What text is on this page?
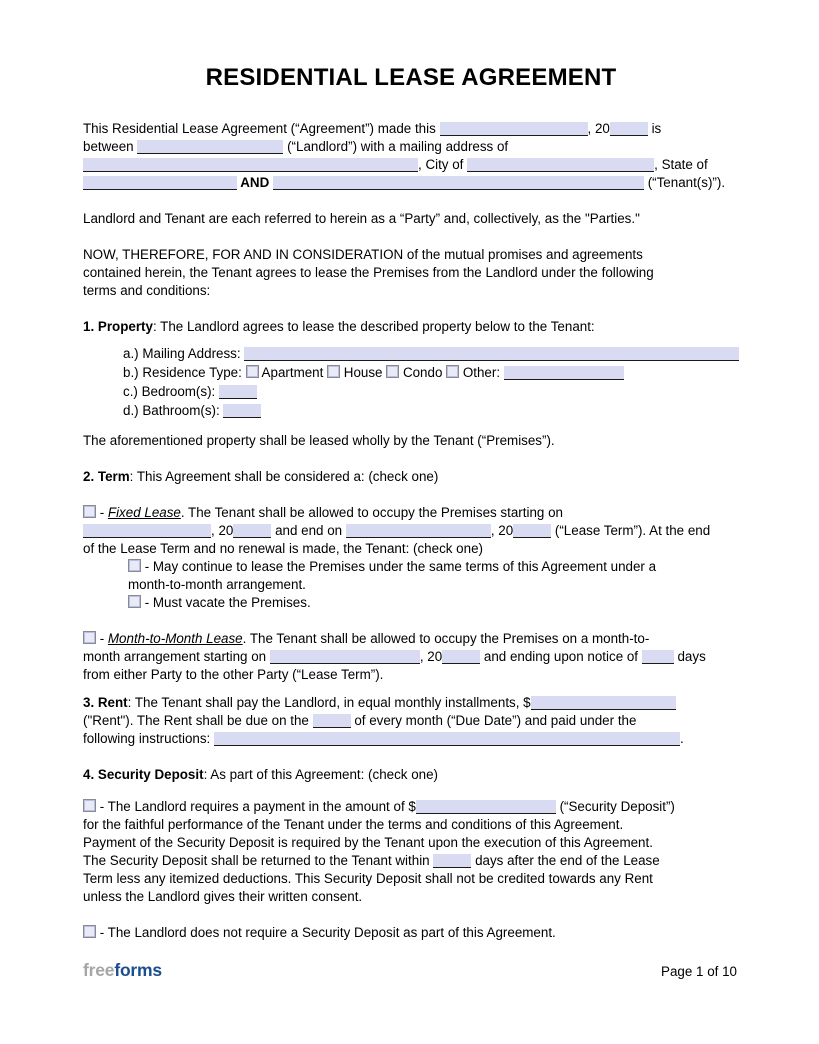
RESIDENTIAL LEASE AGREEMENT
This Residential Lease Agreement (“Agreement”) made this	, 20	is
between	(“Landlord”) with a mailing address of
, City of	, State of
AND	(“Tenant(s)”).
Landlord and Tenant are each referred to herein as a “Party” and, collectively, as the "Parties."
NOW, THEREFORE, FOR AND IN CONSIDERATION of the mutual promises and agreements
contained herein, the Tenant agrees to lease the Premises from the Landlord under the following
terms and conditions:
1. Property: The Landlord agrees to lease the described property below to the Tenant:
a.) Mailing Address:
b.) Residence Type:  Apartment  House  Condo  Other:
c.) Bedroom(s):
d.) Bathroom(s):
The aforementioned property shall be leased wholly by the Tenant (“Premises”).
2. Term: This Agreement shall be considered a: (check one)
- Fixed Lease. The Tenant shall be allowed to occupy the Premises starting on
, 20	and end on	, 20	(“Lease Term”). At the end
of the Lease Term and no renewal is made, the Tenant: (check one)
- May continue to lease the Premises under the same terms of this Agreement under a
month-to-month arrangement.
- Must vacate the Premises.
- Month-to-Month Lease. The Tenant shall be allowed to occupy the Premises on a month-to-
month arrangement starting on	, 20	and ending upon notice of  days
from either Party to the other Party (“Lease Term”).
3. Rent: The Tenant shall pay the Landlord, in equal monthly installments, $
("Rent"). The Rent shall be due on the	of every month (“Due Date”) and paid under the
following instructions:	.
4. Security Deposit: As part of this Agreement: (check one)
- The Landlord requires a payment in the amount of $	(“Security Deposit”)
for the faithful performance of the Tenant under the terms and conditions of this Agreement.
Payment of the Security Deposit is required by the Tenant upon the execution of this Agreement.
The Security Deposit shall be returned to the Tenant within	days after the end of the Lease
Term less any itemized deductions. This Security Deposit shall not be credited towards any Rent
unless the Landlord gives their written consent.
- The Landlord does not require a Security Deposit as part of this Agreement.
freeforms	Page 1 of 10
